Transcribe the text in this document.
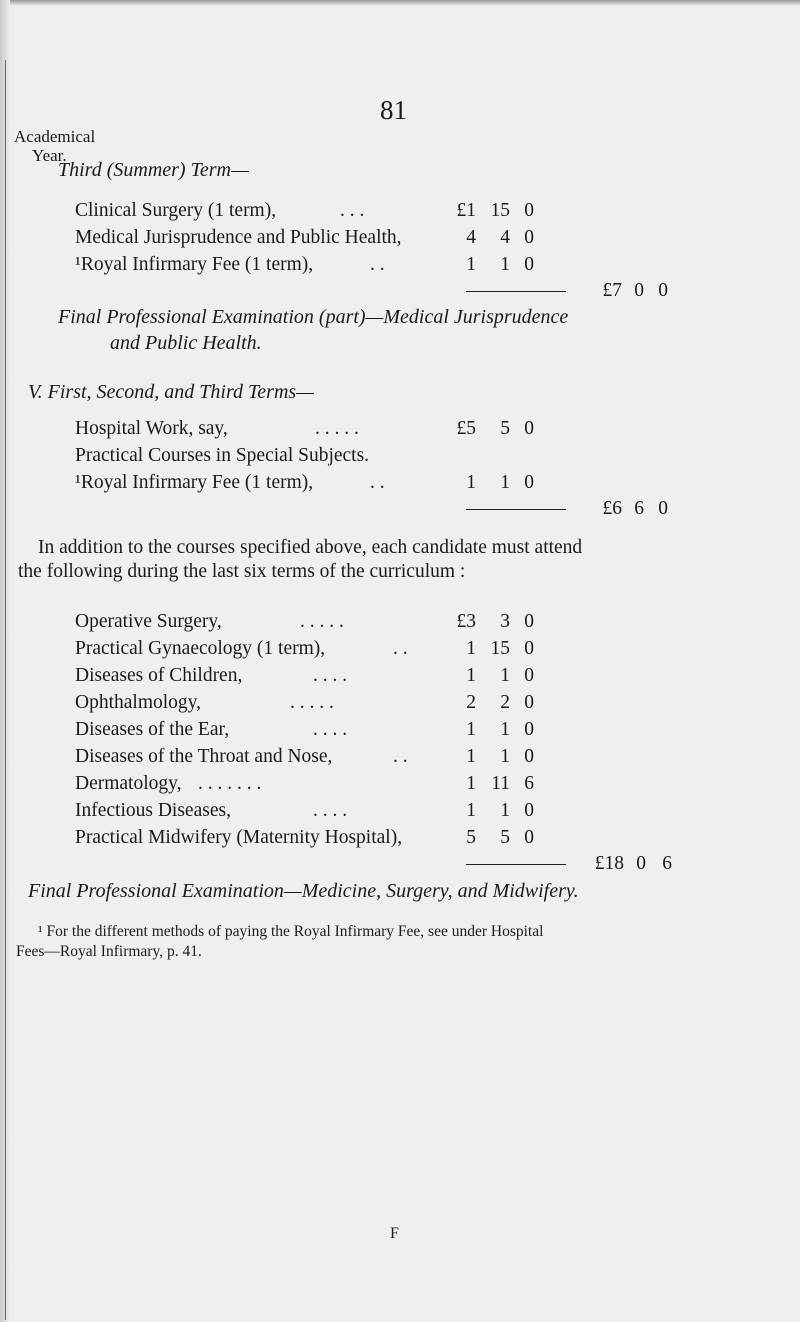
81
Academical
Year.
Third (Summer) Term—
Clinical Surgery (1 term),	. . .	£1 15 0
Medical Jurisprudence and Public Health,	4	4 0
¹Royal Infirmary Fee (1 term),	. .	1	1 0
£7 0 0
Final Professional Examination (part)—Medical Jurisprudence
and Public Health.
V. First, Second, and Third Terms—
Hospital Work, say,	. . . . .	£5	5 0
Practical Courses in Special Subjects.
¹Royal Infirmary Fee (1 term),	. .	1	1 0
£6 6 0
In addition to the courses specified above, each candidate must attend
the following during the last six terms of the curriculum :
Operative Surgery,	. . . . .	£3	3 0
Practical Gynaecology (1 term),	. .	1 15 0
Diseases of Children,	. . . .	1	1 0
Ophthalmology,	. . . . .	2	2 0
Diseases of the Ear,	. . . .	1	1 0
Diseases of the Throat and Nose,	. .	1	1 0
Dermatology, . . . . . . .	1 11 6
Infectious Diseases,	. . . .	1	1 0
Practical Midwifery (Maternity Hospital),	5	5 0
£18 0 6
Final Professional Examination—Medicine, Surgery, and Midwifery.
¹ For the different methods of paying the Royal Infirmary Fee, see under Hospital
Fees—Royal Infirmary, p. 41.
F
